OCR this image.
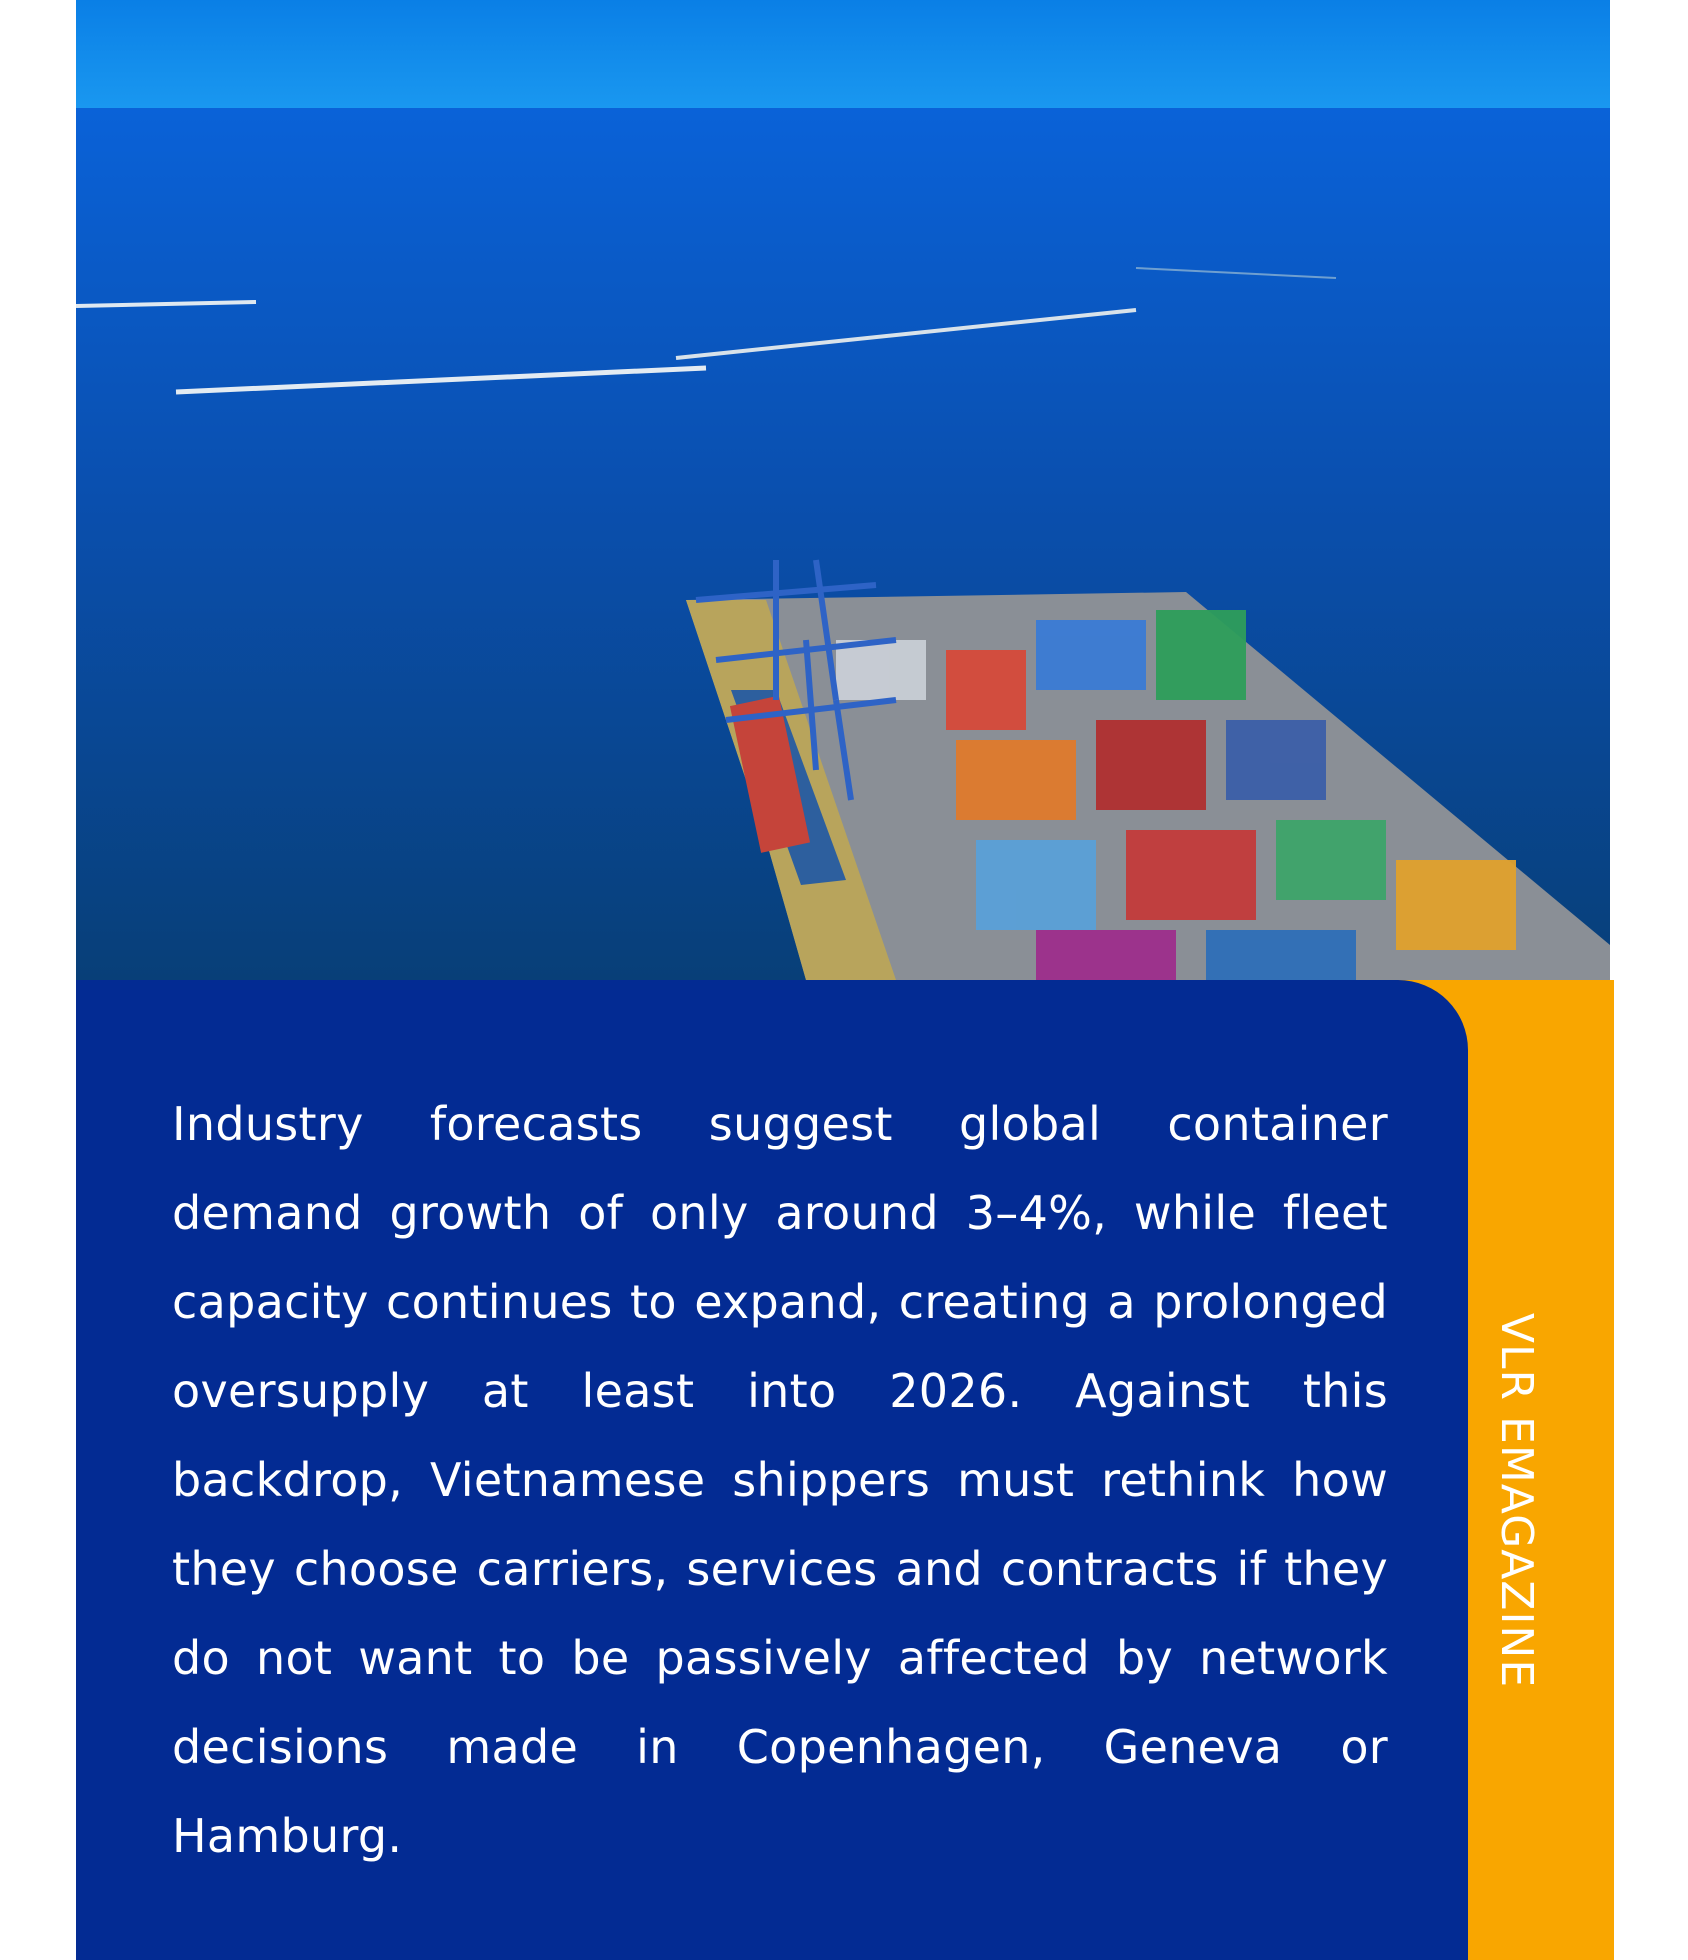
Industry forecasts suggest global container demand growth of only around 3–4%, while fleet capacity continues to expand, creating a prolonged oversupply at least into 2026. Against this backdrop, Vietnamese shippers must rethink how they choose carriers, services and contracts if they do not want to be passively affected by network decisions made in Copenhagen, Geneva or Hamburg.

VLR EMAGAZINE
